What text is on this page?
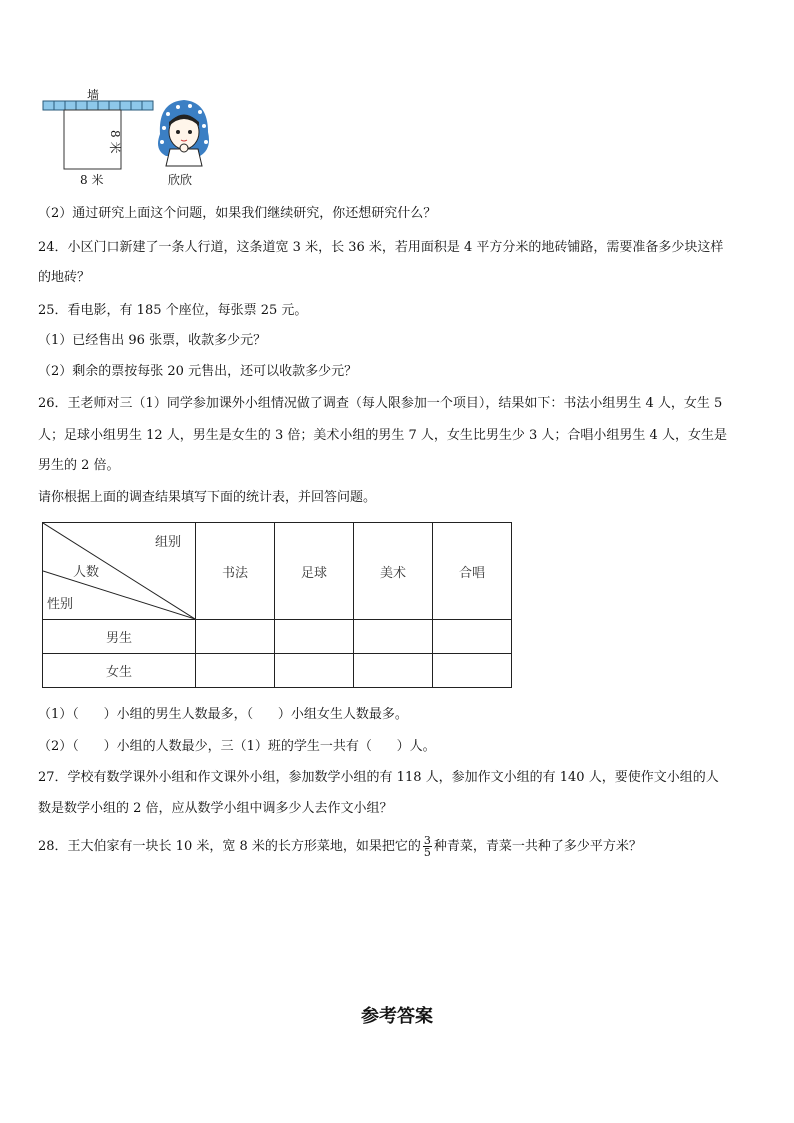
墙
8 米
8 米
欣欣
（2）通过研究上面这个问题，如果我们继续研究，你还想研究什么？
24．小区门口新建了一条人行道，这条道宽 3 米，长 36 米，若用面积是 4 平方分米的地砖铺路，需要准备多少块这样
的地砖？
25．看电影，有 185 个座位，每张票 25 元。
（1）已经售出 96 张票，收款多少元？
（2）剩余的票按每张 20 元售出，还可以收款多少元？
26．王老师对三（1）同学参加课外小组情况做了调查（每人限参加一个项目），结果如下：书法小组男生 4 人，女生 5
人；足球小组男生 12 人，男生是女生的 3 倍；美术小组的男生 7 人，女生比男生少 3 人；合唱小组男生 4 人，女生是
男生的 2 倍。
请你根据上面的调查结果填写下面的统计表，并回答问题。
组别
人数
性别	书法	足球	美术	合唱
男生				
女生				
（1）（      ）小组的男生人数最多，（      ）小组女生人数最多。
（2）（      ）小组的人数最少，三（1）班的学生一共有（      ）人。
27．学校有数学课外小组和作文课外小组，参加数学小组的有 118 人，参加作文小组的有 140 人，要使作文小组的人
数是数学小组的 2 倍，应从数学小组中调多少人去作文小组？
28．王大伯家有一块长 10 米，宽 8 米的长方形菜地，如果把它的 $\frac{3}{5}$ 种青菜，青菜一共种了多少平方米？
参考答案
